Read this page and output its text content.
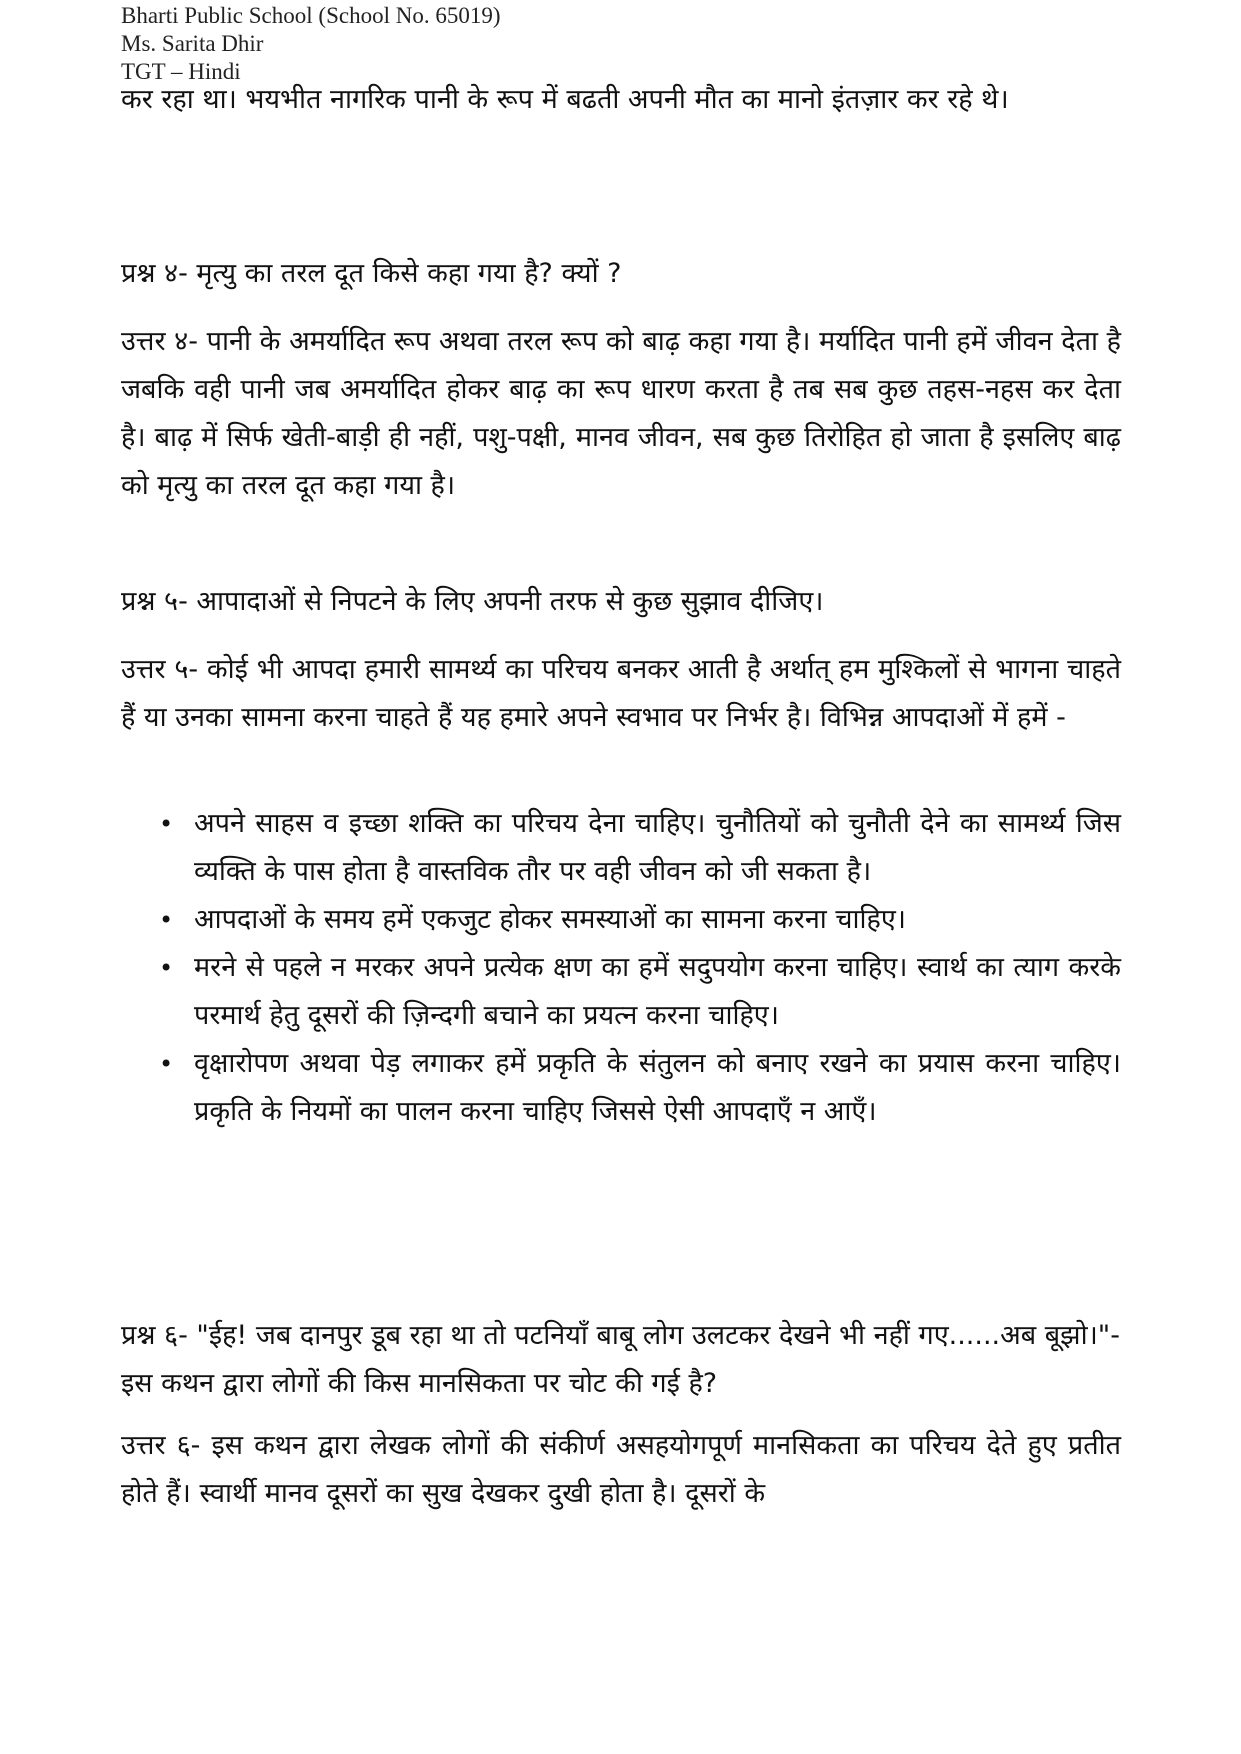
Bharti Public School (School No. 65019)
Ms. Sarita Dhir
TGT – Hindi

कर रहा था। भयभीत नागरिक पानी के रूप में बढती अपनी मौत का मानो इंतज़ार कर रहे थे।

प्रश्न ४- मृत्यु का तरल दूत किसे कहा गया है? क्यों ?

उत्तर ४- पानी के अमर्यादित रूप अथवा तरल रूप को बाढ़ कहा गया है। मर्यादित पानी हमें जीवन देता है जबकि वही पानी जब अमर्यादित होकर बाढ़ का रूप धारण करता है तब सब कुछ तहस-नहस कर देता है। बाढ़ में सिर्फ खेती-बाड़ी ही नहीं, पशु-पक्षी, मानव जीवन, सब कुछ तिरोहित हो जाता है इसलिए बाढ़ को मृत्यु का तरल दूत कहा गया है।

प्रश्न ५- आपादाओं से निपटने के लिए अपनी तरफ से कुछ सुझाव दीजिए।

उत्तर ५- कोई भी आपदा हमारी सामर्थ्य का परिचय बनकर आती है अर्थात् हम मुश्किलों से भागना चाहते हैं या उनका सामना करना चाहते हैं यह हमारे अपने स्वभाव पर निर्भर है। विभिन्न आपदाओं में हमें -

• अपने साहस व इच्छा शक्ति का परिचय देना चाहिए। चुनौतियों को चुनौती देने का सामर्थ्य जिस व्यक्ति के पास होता है वास्तविक तौर पर वही जीवन को जी सकता है।
• आपदाओं के समय हमें एकजुट होकर समस्याओं का सामना करना चाहिए।
• मरने से पहले न मरकर अपने प्रत्येक क्षण का हमें सदुपयोग करना चाहिए। स्वार्थ का त्याग करके परमार्थ हेतु दूसरों की ज़िन्दगी बचाने का प्रयत्न करना चाहिए।
• वृक्षारोपण अथवा पेड़ लगाकर हमें प्रकृति के संतुलन को बनाए रखने का प्रयास करना चाहिए। प्रकृति के नियमों का पालन करना चाहिए जिससे ऐसी आपदाएँ न आएँ।

प्रश्न ६- "ईह! जब दानपुर डूब रहा था तो पटनियाँ बाबू लोग उलटकर देखने भी नहीं गए......अब बूझो।"- इस कथन द्वारा लोगों की किस मानसिकता पर चोट की गई है?

उत्तर ६- इस कथन द्वारा लेखक लोगों की संकीर्ण असहयोगपूर्ण मानसिकता का परिचय देते हुए प्रतीत होते हैं। स्वार्थी मानव दूसरों का सुख देखकर दुखी होता है। दूसरों के
